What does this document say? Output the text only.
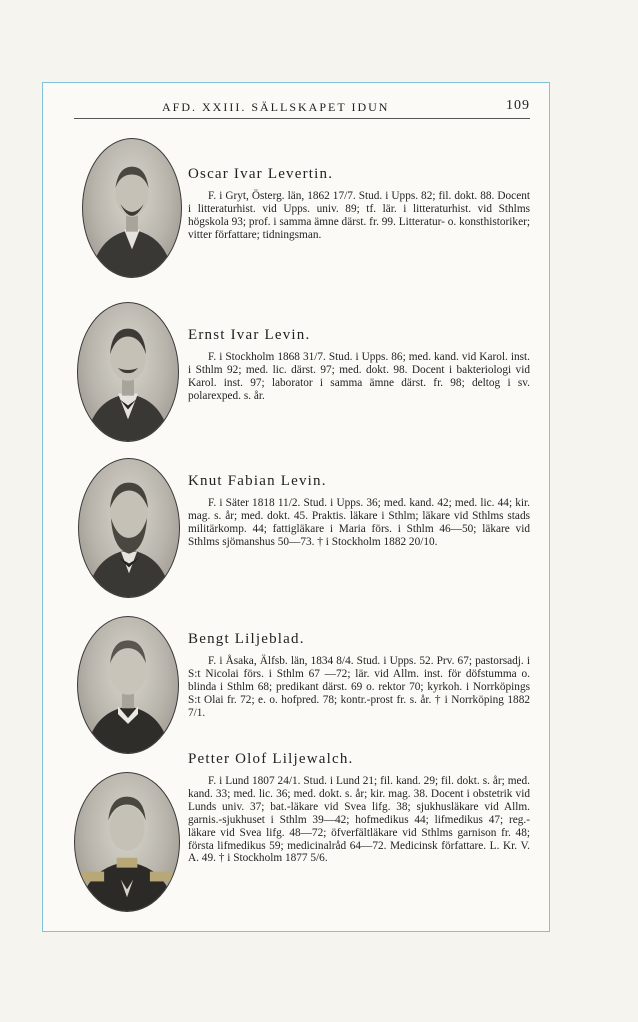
AFD. XXIII. SÄLLSKAPET IDUN	109

Oscar Ivar Levertin.

F. i Gryt, Österg. län, 1862 17/7. Stud. i Upps. 82; fil. dokt. 88. Docent i litteraturhist. vid Upps. univ. 89; tf. lär. i litteraturhist. vid Sthlms högskola 93; prof. i samma ämne därst. fr. 99. Litteratur- o. konsthistoriker; vitter författare; tidningsman.

Ernst Ivar Levin.

F. i Stockholm 1868 31/7. Stud. i Upps. 86; med. kand. vid Karol. inst. i Sthlm 92; med. lic. därst. 97; med. dokt. 98. Docent i bakteriologi vid Karol. inst. 97; laborator i samma ämne därst. fr. 98; deltog i sv. polarexped. s. år.

Knut Fabian Levin.

F. i Säter 1818 11/2. Stud. i Upps. 36; med. kand. 42; med. lic. 44; kir. mag. s. år; med. dokt. 45. Praktis. läkare i Sthlm; läkare vid Sthlms stads militärkomp. 44; fattigläkare i Maria förs. i Sthlm 46—50; läkare vid Sthlms sjömanshus 50—73. † i Stockholm 1882 20/10.

Bengt Liljeblad.

F. i Åsaka, Älfsb. län, 1834 8/4. Stud. i Upps. 52. Prv. 67; pastorsadj. i S:t Nicolai förs. i Sthlm 67 —72; lär. vid Allm. inst. för döfstumma o. blinda i Sthlm 68; predikant därst. 69 o. rektor 70; kyrkoh. i Norrköpings S:t Olai fr. 72; e. o. hofpred. 78; kontr.-prost fr. s. år. † i Norrköping 1882 7/1.

Petter Olof Liljewalch.

F. i Lund 1807 24/1. Stud. i Lund 21; fil. kand. 29; fil. dokt. s. år; med. kand. 33; med. lic. 36; med. dokt. s. år; kir. mag. 38. Docent i obstetrik vid Lunds univ. 37; bat.-läkare vid Svea lifg. 38; sjukhusläkare vid Allm. garnis.-sjukhuset i Sthlm 39—42; hofmedikus 44; lifmedikus 47; reg.-läkare vid Svea lifg. 48—72; öfverfältläkare vid Sthlms garnison fr. 48; första lifmedikus 59; medicinalråd 64—72. Medicinsk författare. L. Kr. V. A. 49. † i Stockholm 1877 5/6.
